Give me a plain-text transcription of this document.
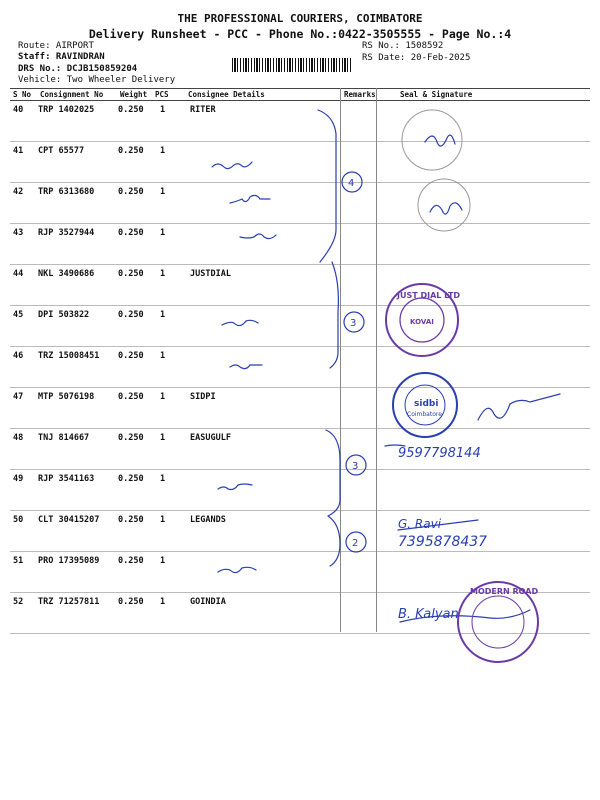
THE PROFESSIONAL COURIERS, COIMBATORE
Delivery Runsheet - PCC - Phone No.:0422-3505555 - Page No.:4
Route: AIRPORT
Staff: RAVINDRAN
DRS No.: DCJB150859204
Vehicle: Two Wheeler Delivery
RS No.: 1508592
RS Date: 20-Feb-2025
S No Consignment No Weight PCS	Consignee Details	Remarks	Seal & Signature
40 TRP 1402025	0.250 1	RITER
41 CPT 65577	0.250 1
42 TRP 6313680	0.250 1
43 RJP 3527944	0.250 1
44 NKL 3490686	0.250 1	JUSTDIAL
45 DPI 503822	0.250 1
46 TRZ 15008451 0.250 1
47 MTP 5076198	0.250 1	SIDPI
48 TNJ 814667	0.250 1	EASUGULF
49 RJP 3541163	0.250 1
50 CLT 30415207 0.250 1	LEGANDS
51 PRO 17395089 0.250 1
52 TRZ 71257811 0.250 1	GOINDIA
4
3
3
2
9597798144
G. Ravi
7395878437
B. Kalyan
JUST DIAL LTD
KOVAI
sidbi
Coimbatore
MODERN ROAD
